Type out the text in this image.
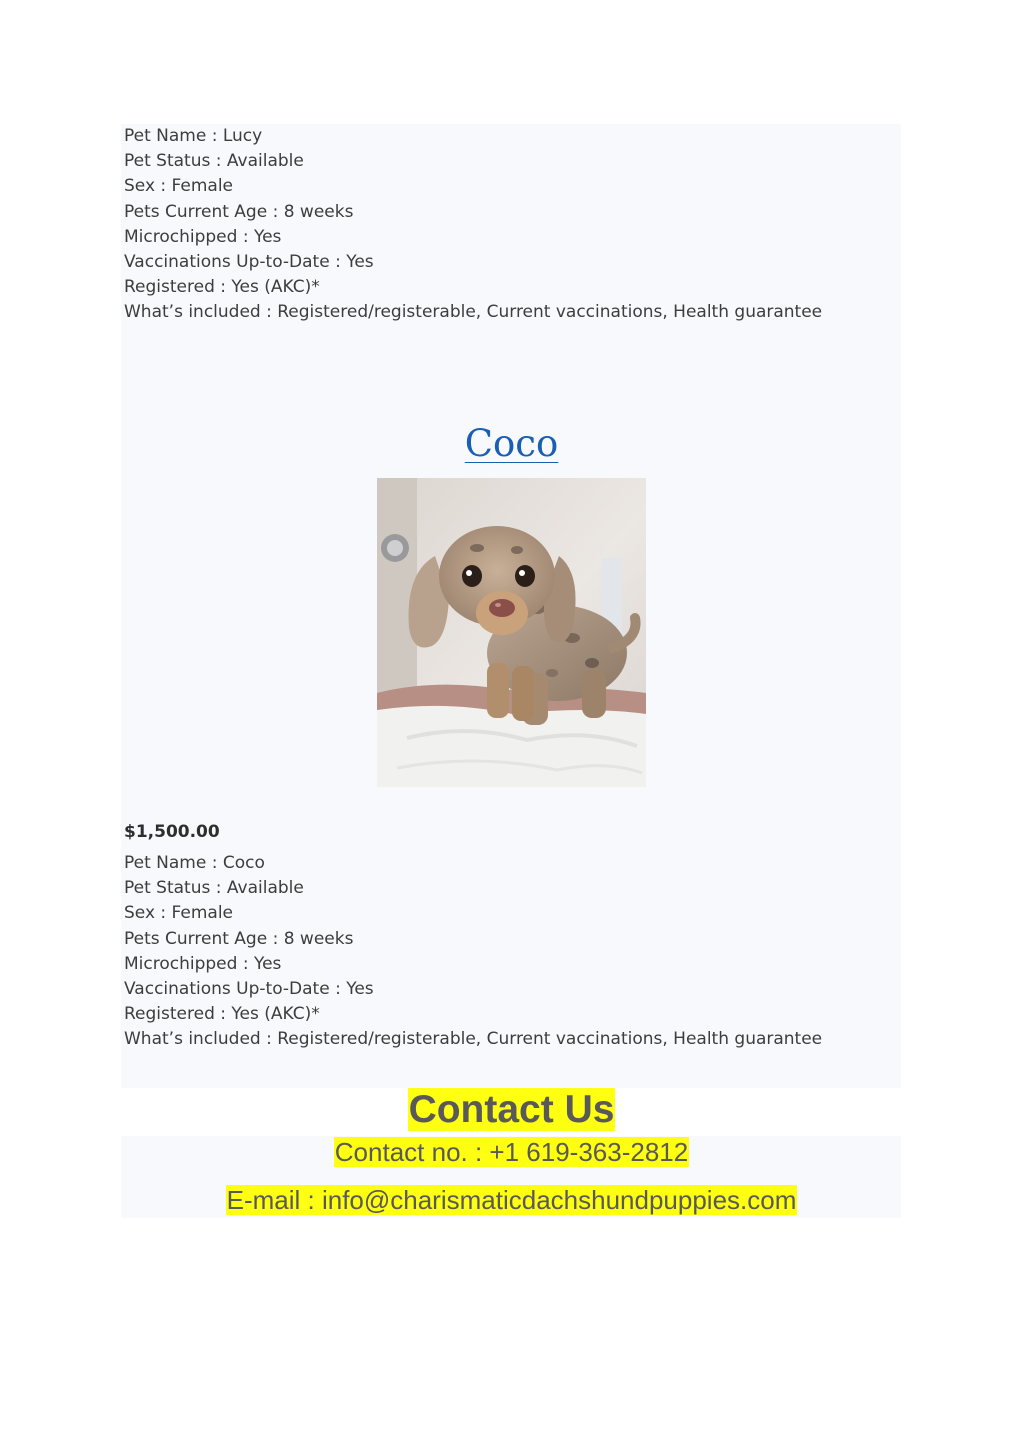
Pet Name : Lucy
Pet Status : Available
Sex : Female
Pets Current Age : 8 weeks
Microchipped : Yes
Vaccinations Up-to-Date : Yes
Registered : Yes (AKC)*
What’s included : Registered/registerable, Current vaccinations, Health guarantee
Coco
$1,500.00
Pet Name : Coco
Pet Status : Available
Sex : Female
Pets Current Age : 8 weeks
Microchipped : Yes
Vaccinations Up-to-Date : Yes
Registered : Yes (AKC)*
What’s included : Registered/registerable, Current vaccinations, Health guarantee
Contact Us
Contact no. : +1 619-363-2812
E-mail : info@charismaticdachshundpuppies.com
